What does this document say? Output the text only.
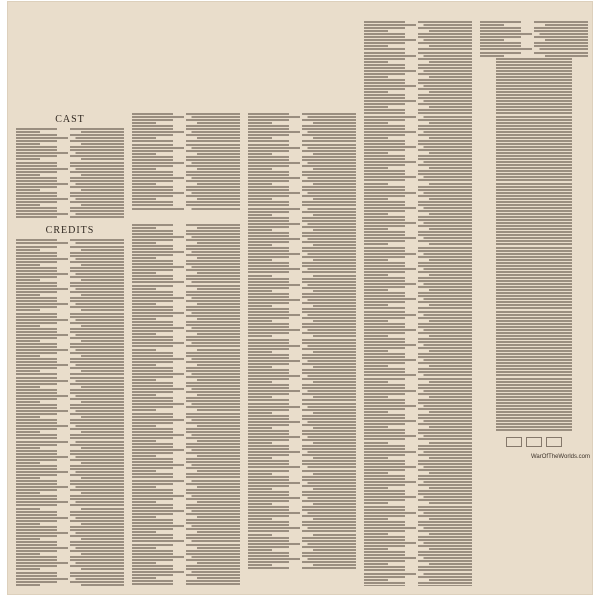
CAST
CREDITS
WarOfTheWorlds.com
